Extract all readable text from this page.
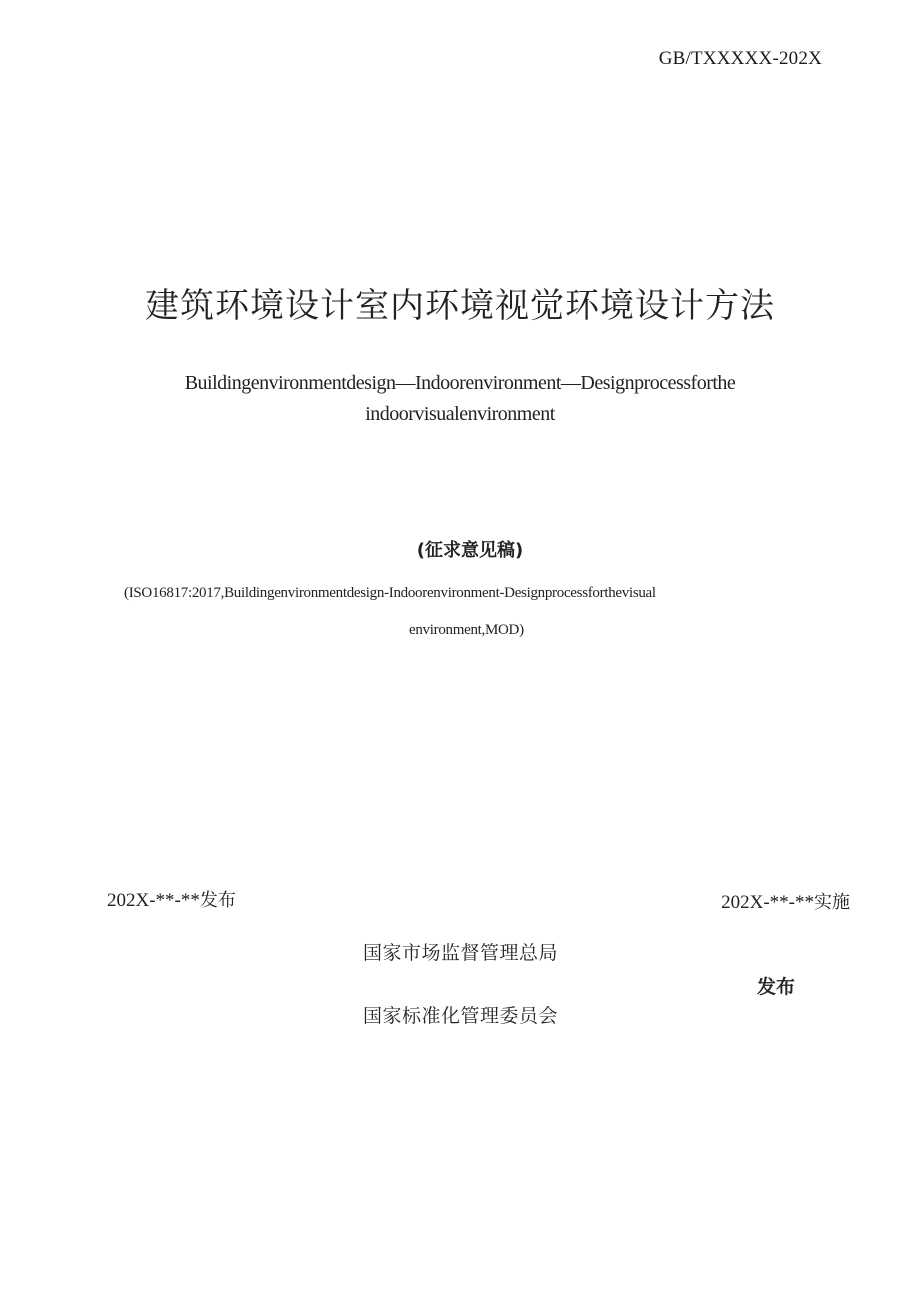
GB/TXXXXX-202X
建筑环境设计室内环境视觉环境设计方法
Buildingenvironmentdesign—Indoorenvironment—Designprocessforthe
indoorvisualenvironment
(征求意见稿)
(ISO16817:2017,Buildingenvironmentdesign-Indoorenvironment-Designprocessforthevisual
environment,MOD)
202X-**-**发布	202X-**-**实施
国家市场监督管理总局
国家标准化管理委员会
发布
